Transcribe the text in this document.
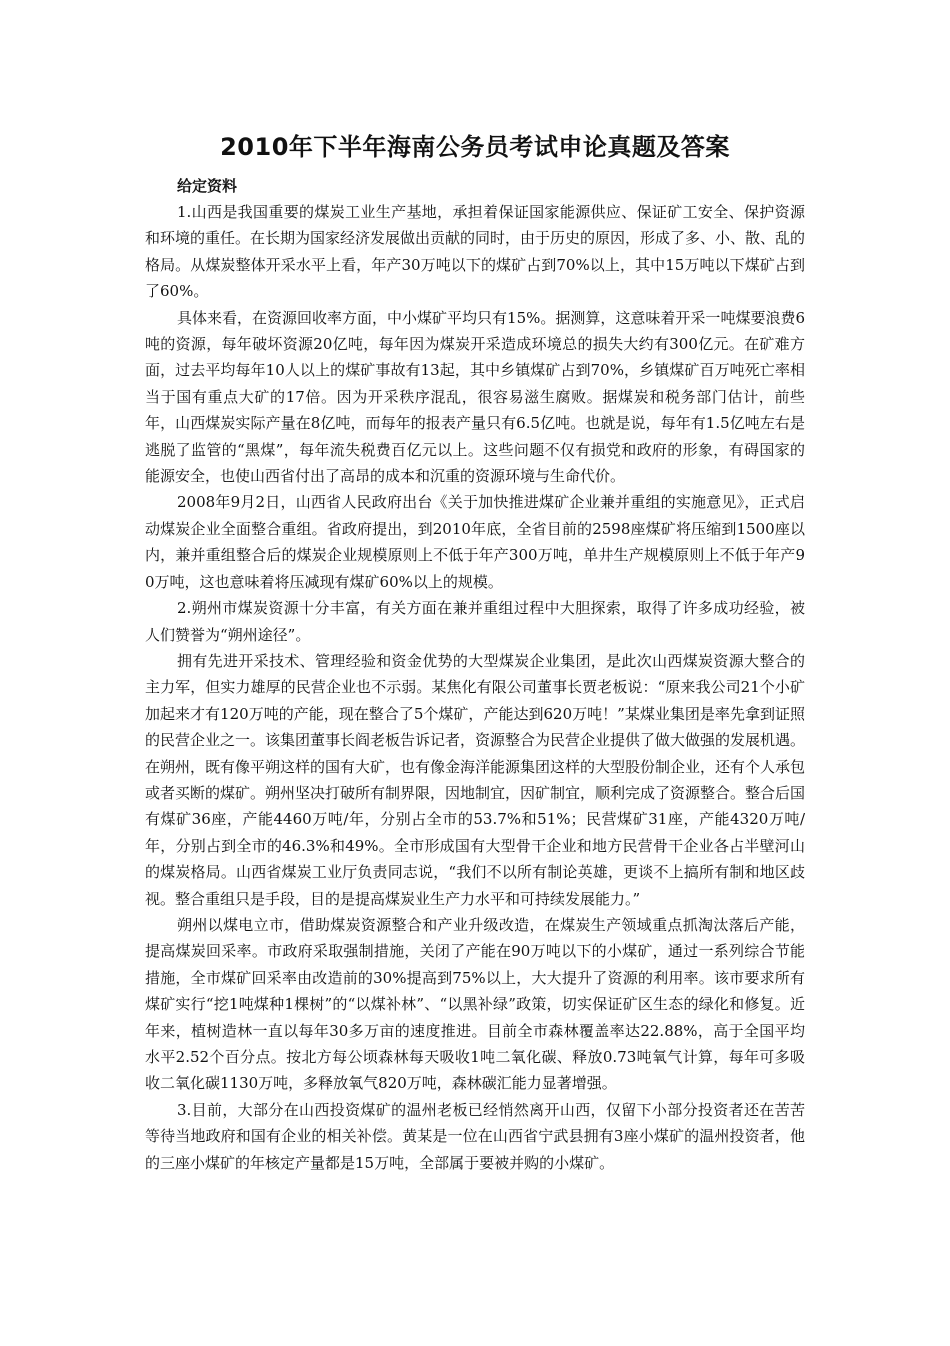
2010年下半年海南公务员考试申论真题及答案
给定资料

1.山西是我国重要的煤炭工业生产基地，承担着保证国家能源供应、保证矿工安全、保护资源和环境的重任。在长期为国家经济发展做出贡献的同时，由于历史的原因，形成了多、小、散、乱的格局。从煤炭整体开采水平上看，年产30万吨以下的煤矿占到70%以上，其中15万吨以下煤矿占到了60%。

具体来看，在资源回收率方面，中小煤矿平均只有15%。据测算，这意味着开采一吨煤要浪费6吨的资源，每年破坏资源20亿吨，每年因为煤炭开采造成环境总的损失大约有300亿元。在矿难方面，过去平均每年10人以上的煤矿事故有13起，其中乡镇煤矿占到70%，乡镇煤矿百万吨死亡率相当于国有重点大矿的17倍。因为开采秩序混乱，很容易滋生腐败。据煤炭和税务部门估计，前些年，山西煤炭实际产量在8亿吨，而每年的报表产量只有6.5亿吨。也就是说，每年有1.5亿吨左右是逃脱了监管的“黑煤”，每年流失税费百亿元以上。这些问题不仅有损党和政府的形象，有碍国家的能源安全，也使山西省付出了高昂的成本和沉重的资源环境与生命代价。

2008年9月2日，山西省人民政府出台《关于加快推进煤矿企业兼并重组的实施意见》，正式启动煤炭企业全面整合重组。省政府提出，到2010年底，全省目前的2598座煤矿将压缩到1500座以内，兼并重组整合后的煤炭企业规模原则上不低于年产300万吨，单井生产规模原则上不低于年产90万吨，这也意味着将压减现有煤矿60%以上的规模。

2.朔州市煤炭资源十分丰富，有关方面在兼并重组过程中大胆探索，取得了许多成功经验，被人们赞誉为“朔州途径”。

拥有先进开采技术、管理经验和资金优势的大型煤炭企业集团，是此次山西煤炭资源大整合的主力军，但实力雄厚的民营企业也不示弱。某焦化有限公司董事长贾老板说：“原来我公司21个小矿加起来才有120万吨的产能，现在整合了5个煤矿，产能达到620万吨！”某煤业集团是率先拿到证照的民营企业之一。该集团董事长阎老板告诉记者，资源整合为民营企业提供了做大做强的发展机遇。在朔州，既有像平朔这样的国有大矿，也有像金海洋能源集团这样的大型股份制企业，还有个人承包或者买断的煤矿。朔州坚决打破所有制界限，因地制宜，因矿制宜，顺利完成了资源整合。整合后国有煤矿36座，产能4460万吨/年，分别占全市的53.7%和51%；民营煤矿31座，产能4320万吨/年，分别占到全市的46.3%和49%。全市形成国有大型骨干企业和地方民营骨干企业各占半壁河山的煤炭格局。山西省煤炭工业厅负责同志说，“我们不以所有制论英雄，更谈不上搞所有制和地区歧视。整合重组只是手段，目的是提高煤炭业生产力水平和可持续发展能力。”

朔州以煤电立市，借助煤炭资源整合和产业升级改造，在煤炭生产领域重点抓淘汰落后产能，提高煤炭回采率。市政府采取强制措施，关闭了产能在90万吨以下的小煤矿，通过一系列综合节能措施，全市煤矿回采率由改造前的30%提高到75%以上，大大提升了资源的利用率。该市要求所有煤矿实行“挖1吨煤种1棵树”的“以煤补林”、“以黑补绿”政策，切实保证矿区生态的绿化和修复。近年来，植树造林一直以每年30多万亩的速度推进。目前全市森林覆盖率达22.88%，高于全国平均水平2.52个百分点。按北方每公顷森林每天吸收1吨二氧化碳、释放0.73吨氧气计算，每年可多吸收二氧化碳1130万吨，多释放氧气820万吨，森林碳汇能力显著增强。

3.目前，大部分在山西投资煤矿的温州老板已经悄然离开山西，仅留下小部分投资者还在苦苦等待当地政府和国有企业的相关补偿。黄某是一位在山西省宁武县拥有3座小煤矿的温州投资者，他的三座小煤矿的年核定产量都是15万吨，全部属于要被并购的小煤矿。
